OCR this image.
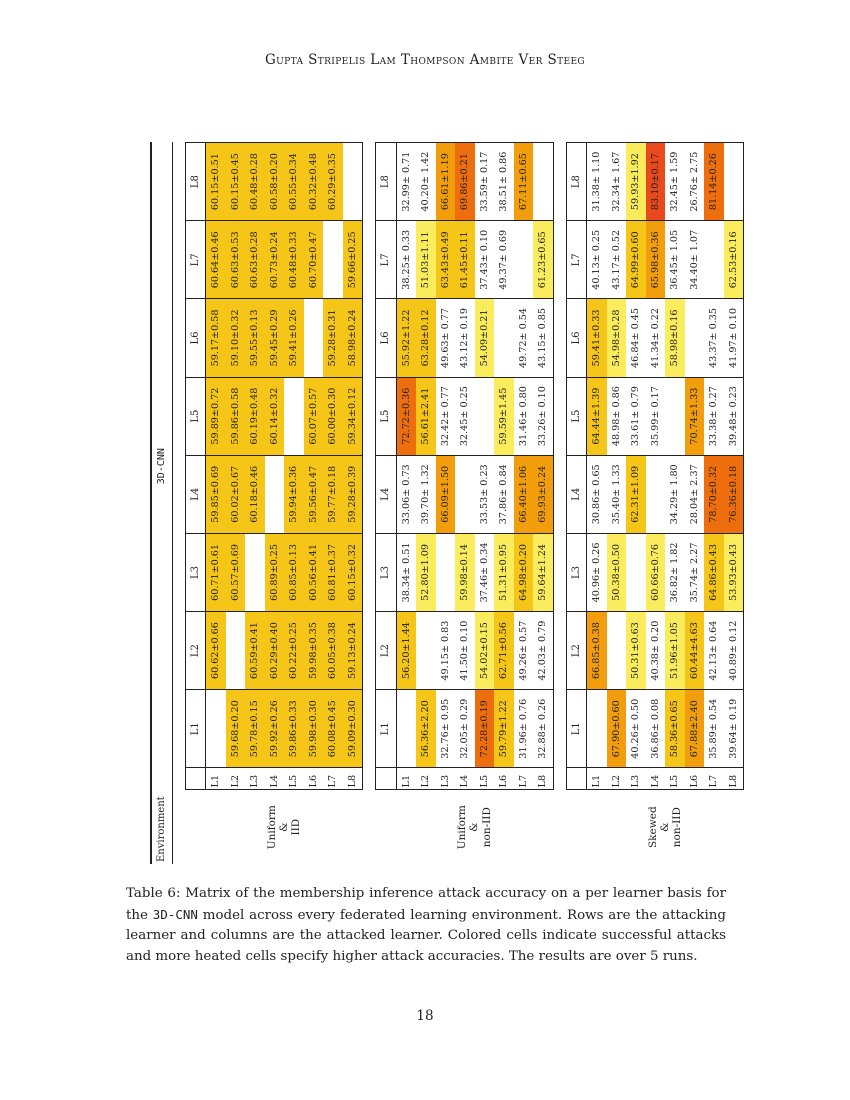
Gupta Stripelis Lam Thompson Ambite Ver Steeg
Environment	3D-CNN								

		L1	L2	L3	L4	L5	L6	L7	L8

Uniform & IID	L1		60.62±0.66	60.71±0.61	59.85±0.69	59.89±0.72	59.17±0.58	60.64±0.46	60.15±0.51
	L2	59.68±0.20		60.57±0.69	60.02±0.67	59.86±0.58	59.10±0.32	60.63±0.53	60.15±0.45
	L3	59.78±0.15	60.59±0.41		60.18±0.46	60.19±0.48	59.55±0.13	60.63±0.28	60.48±0.28
	L4	59.92±0.26	60.29±0.40	60.89±0.25		60.14±0.32	59.45±0.29	60.73±0.24	60.58±0.20
	L5	59.86±0.33	60.22±0.25	60.85±0.13	59.94±0.36		59.41±0.26	60.48±0.33	60.55±0.34
	L6	59.98±0.30	59.98±0.35	60.56±0.41	59.56±0.47	60.07±0.57		60.70±0.47	60.32±0.48
	L7	60.08±0.45	60.05±0.38	60.81±0.37	59.77±0.18	60.00±0.30	59.28±0.31		60.29±0.35
	L8	59.09±0.30	59.13±0.24	60.15±0.32	59.28±0.39	59.34±0.12	58.98±0.24	59.66±0.25	

		L1	L2	L3	L4	L5	L6	L7	L8

Uniform & non-IID	L1		56.20±1.44	38.34± 0.51	33.06± 0.73	72.72±0.36	55.92±1.22	38.25± 0.33	32.99± 0.71
	L2	56.36±2.20		52.80±1.09	39.70± 1.32	56.61±2.41	63.28±0.12	51.03±1.11	40.20± 1.42
	L3	32.76± 0.95	49.15± 0.83		66.09±1.50	32.42± 0.77	49.63± 0.77	63.43±0.49	66.61±1.19
	L4	32.05± 0.29	41.50± 0.10	59.98±0.14		32.45± 0.25	43.12± 0.19	61.45±0.11	69.86±0.21
	L5	72.28±0.19	54.02±0.15	37.46± 0.34	33.53± 0.23		54.09±0.21	37.43± 0.10	33.59± 0.17
	L6	59.79±1.22	62.71±0.56	51.31±0.95	37.86± 0.84	59.59±1.45		49.37± 0.69	38.51± 0.86
	L7	31.96± 0.76	49.26± 0.57	64.98±0.20	66.40±1.06	31.46± 0.80	49.72± 0.54		67.11±0.65
	L8	32.88± 0.26	42.03± 0.79	59.64±1.24	69.93±0.24	33.26± 0.10	43.15± 0.85	61.23±0.65	

		L1	L2	L3	L4	L5	L6	L7	L8

Skewed & non-IID	L1		66.85±0.38	40.96± 0.26	30.86± 0.65	64.44±1.39	59.41±0.33	40.13± 0.25	31.38± 1.10
	L2	67.90±0.60		50.38±0.50	35.40± 1.33	48.98± 0.86	54.98±0.28	43.17± 0.52	32.34± 1.67
	L3	40.26± 0.50	50.31±0.63		62.31±1.09	33.61± 0.79	46.84± 0.45	64.99±0.60	59.93±1.92
	L4	36.86± 0.08	40.38± 0.20	60.66±0.76		35.99± 0.17	41.34± 0.22	65.98±0.36	83.10±0.17
	L5	58.36±0.65	51.96±1.05	36.82± 1.82	34.29± 1.80		58.98±0.16	36.45± 1.05	32.45± 1.59
	L6	67.88±2.40	60.44±4.63	35.74± 2.27	28.04± 2.37	70.74±1.33		34.40± 1.07	26.76± 2.75
	L7	35.89± 0.54	42.13± 0.64	64.86±0.43	78.70±0.32	33.38± 0.27	43.37± 0.35		81.14±0.26
	L8	39.64± 0.19	40.89± 0.12	53.93±0.43	76.36±0.18	39.48± 0.23	41.97± 0.10	62.53±0.16	
Table 6: Matrix of the membership inference attack accuracy on a per learner basis for the 3D-CNN model across every federated learning environment. Rows are the attacking learner and columns are the attacked learner. Colored cells indicate successful attacks and more heated cells specify higher attack accuracies. The results are over 5 runs.
18
